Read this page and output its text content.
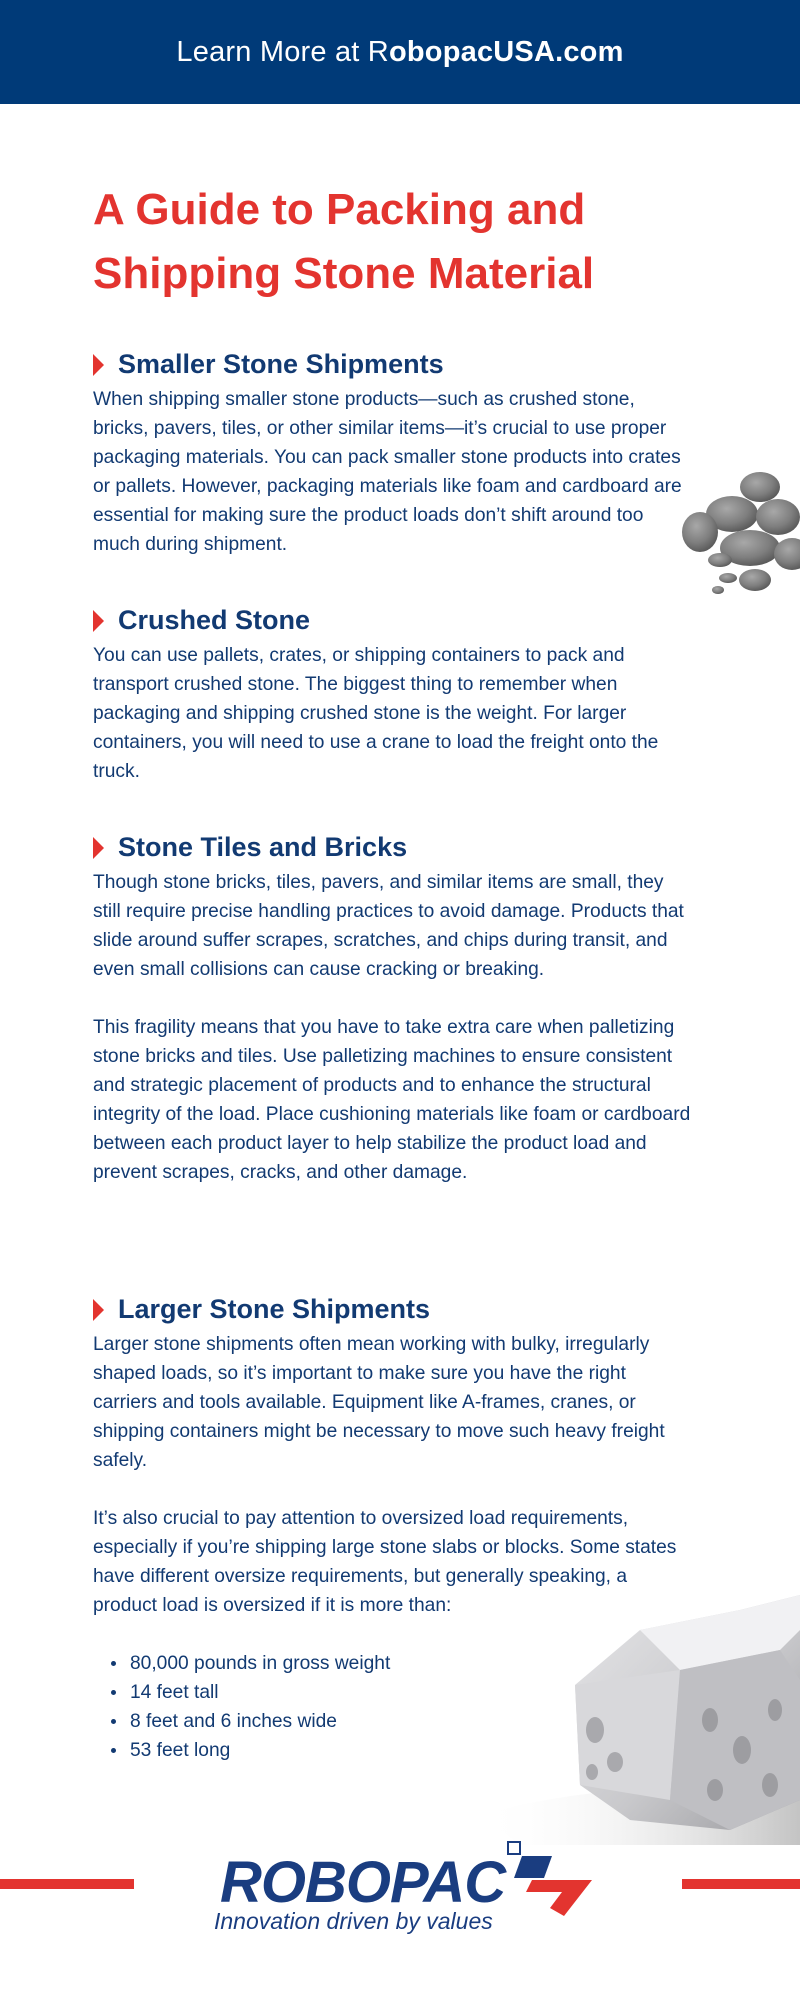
Learn More at RobopacUSA.com
A Guide to Packing and Shipping Stone Material
Smaller Stone Shipments

When shipping smaller stone products—such as crushed stone, bricks, pavers, tiles, or other similar items—it’s crucial to use proper packaging materials. You can pack smaller stone products into crates or pallets. However, packaging materials like foam and cardboard are essential for making sure the product loads don’t shift around too much during shipment.

Crushed Stone

You can use pallets, crates, or shipping containers to pack and transport crushed stone. The biggest thing to remember when packaging and shipping crushed stone is the weight. For larger containers, you will need to use a crane to load the freight onto the truck.

Stone Tiles and Bricks

Though stone bricks, tiles, pavers, and similar items are small, they still require precise handling practices to avoid damage. Products that slide around suffer scrapes, scratches, and chips during transit, and even small collisions can cause cracking or breaking.

This fragility means that you have to take extra care when palletizing stone bricks and tiles. Use palletizing machines to ensure consistent and strategic placement of products and to enhance the structural integrity of the load. Place cushioning materials like foam or cardboard between each product layer to help stabilize the product load and prevent scrapes, cracks, and other damage.

Larger Stone Shipments

Larger stone shipments often mean working with bulky, irregularly shaped loads, so it’s important to make sure you have the right carriers and tools available. Equipment like A-frames, cranes, or shipping containers might be necessary to move such heavy freight safely.

It’s also crucial to pay attention to oversized load requirements, especially if you’re shipping large stone slabs or blocks. Some states have different oversize requirements, but generally speaking, a product load is oversized if it is more than:

80,000 pounds in gross weight
14 feet tall
8 feet and 6 inches wide
53 feet long
ROBOPAC
Innovation driven by values
